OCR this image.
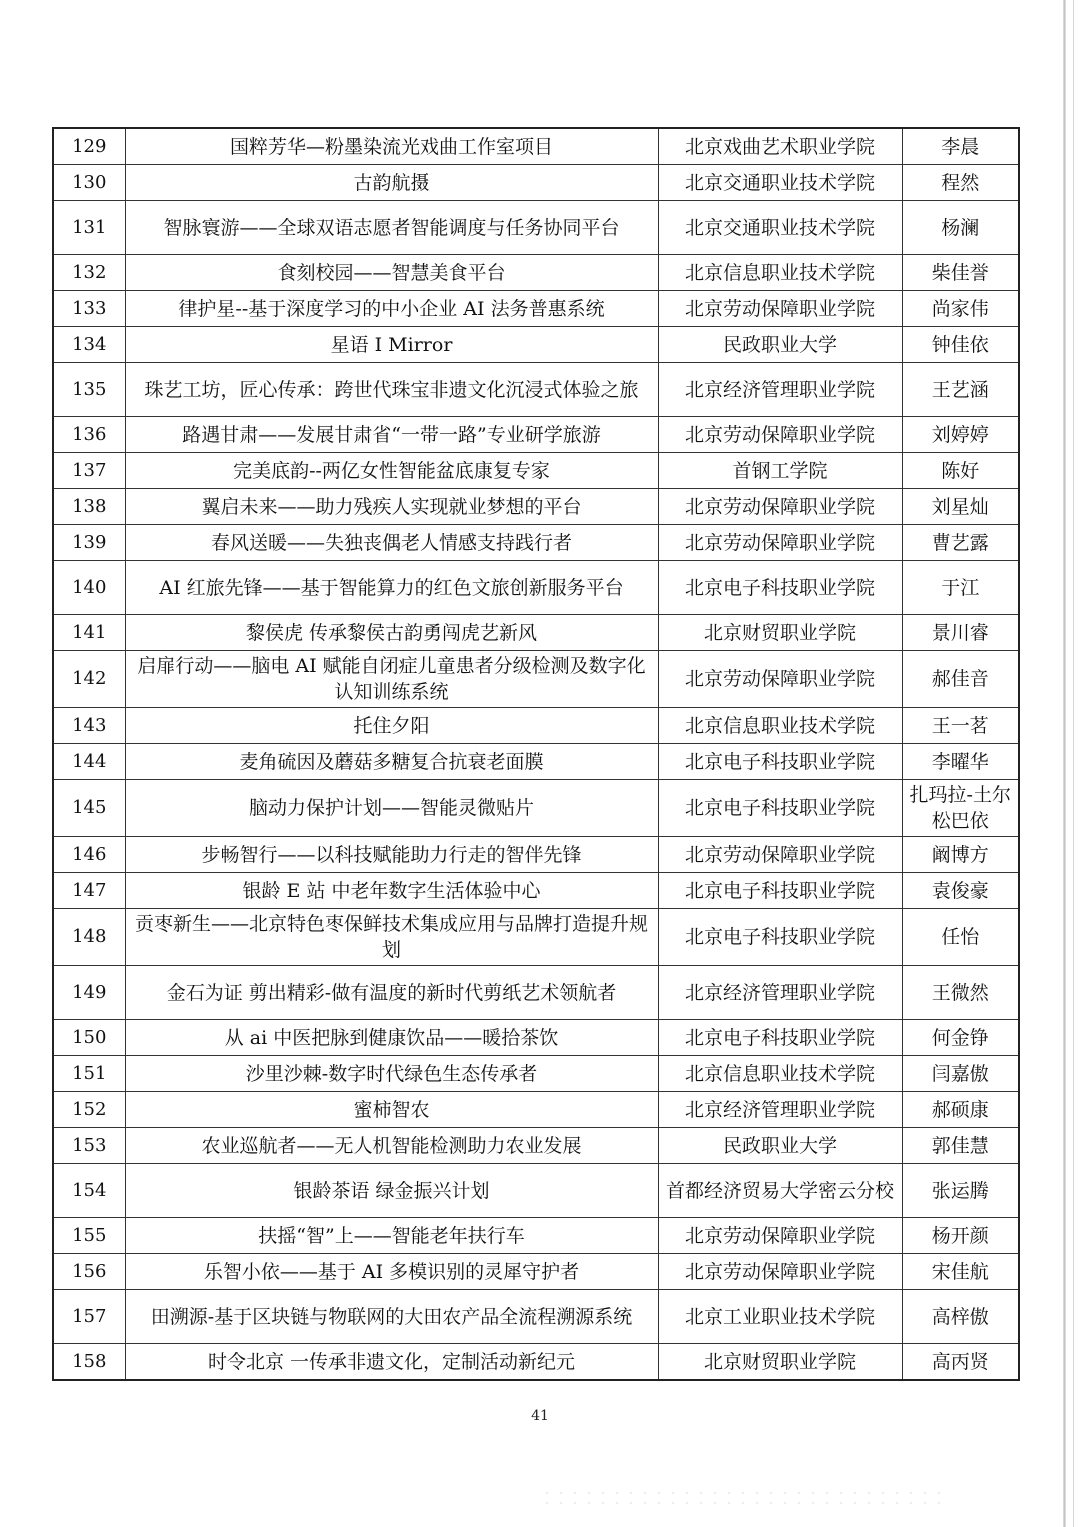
129	国粹芳华—粉墨染流光戏曲工作室项目	北京戏曲艺术职业学院	李晨
130	古韵航摄	北京交通职业技术学院	程然
131	智脉寰游——全球双语志愿者智能调度与任务协同平台	北京交通职业技术学院	杨澜
132	食刻校园——智慧美食平台	北京信息职业技术学院	柴佳誉
133	律护星--基于深度学习的中小企业 AI 法务普惠系统	北京劳动保障职业学院	尚家伟
134	星语 I Mirror	民政职业大学	钟佳依
135	珠艺工坊，匠心传承：跨世代珠宝非遗文化沉浸式体验之旅	北京经济管理职业学院	王艺涵
136	路遇甘肃——发展甘肃省“一带一路”专业研学旅游	北京劳动保障职业学院	刘婷婷
137	完美底韵--两亿女性智能盆底康复专家	首钢工学院	陈好
138	翼启未来——助力残疾人实现就业梦想的平台	北京劳动保障职业学院	刘星灿
139	春风送暖——失独丧偶老人情感支持践行者	北京劳动保障职业学院	曹艺露
140	AI 红旅先锋——基于智能算力的红色文旅创新服务平台	北京电子科技职业学院	于江
141	黎侯虎 传承黎侯古韵勇闯虎艺新风	北京财贸职业学院	景川睿
142	启扉行动——脑电 AI 赋能自闭症儿童患者分级检测及数字化认知训练系统	北京劳动保障职业学院	郝佳音
143	托住夕阳	北京信息职业技术学院	王一茗
144	麦角硫因及蘑菇多糖复合抗衰老面膜	北京电子科技职业学院	李曜华
145	脑动力保护计划——智能灵微贴片	北京电子科技职业学院	扎玛拉-土尔松巴依
146	步畅智行——以科技赋能助力行走的智伴先锋	北京劳动保障职业学院	阚博方
147	银龄 E 站 中老年数字生活体验中心	北京电子科技职业学院	袁俊豪
148	贡枣新生——北京特色枣保鲜技术集成应用与品牌打造提升规划	北京电子科技职业学院	任怡
149	金石为证 剪出精彩-做有温度的新时代剪纸艺术领航者	北京经济管理职业学院	王微然
150	从 ai 中医把脉到健康饮品——暖拾茶饮	北京电子科技职业学院	何金铮
151	沙里沙棘-数字时代绿色生态传承者	北京信息职业技术学院	闫嘉傲
152	蜜柿智农	北京经济管理职业学院	郝硕康
153	农业巡航者——无人机智能检测助力农业发展	民政职业大学	郭佳慧
154	银龄茶语 绿金振兴计划	首都经济贸易大学密云分校	张运腾
155	扶摇“智”上——智能老年扶行车	北京劳动保障职业学院	杨开颜
156	乐智小依——基于 AI 多模识别的灵犀守护者	北京劳动保障职业学院	宋佳航
157	田溯源-基于区块链与物联网的大田农产品全流程溯源系统	北京工业职业技术学院	高梓傲
158	时令北京 一传承非遗文化，定制活动新纪元	北京财贸职业学院	高丙贤
41
